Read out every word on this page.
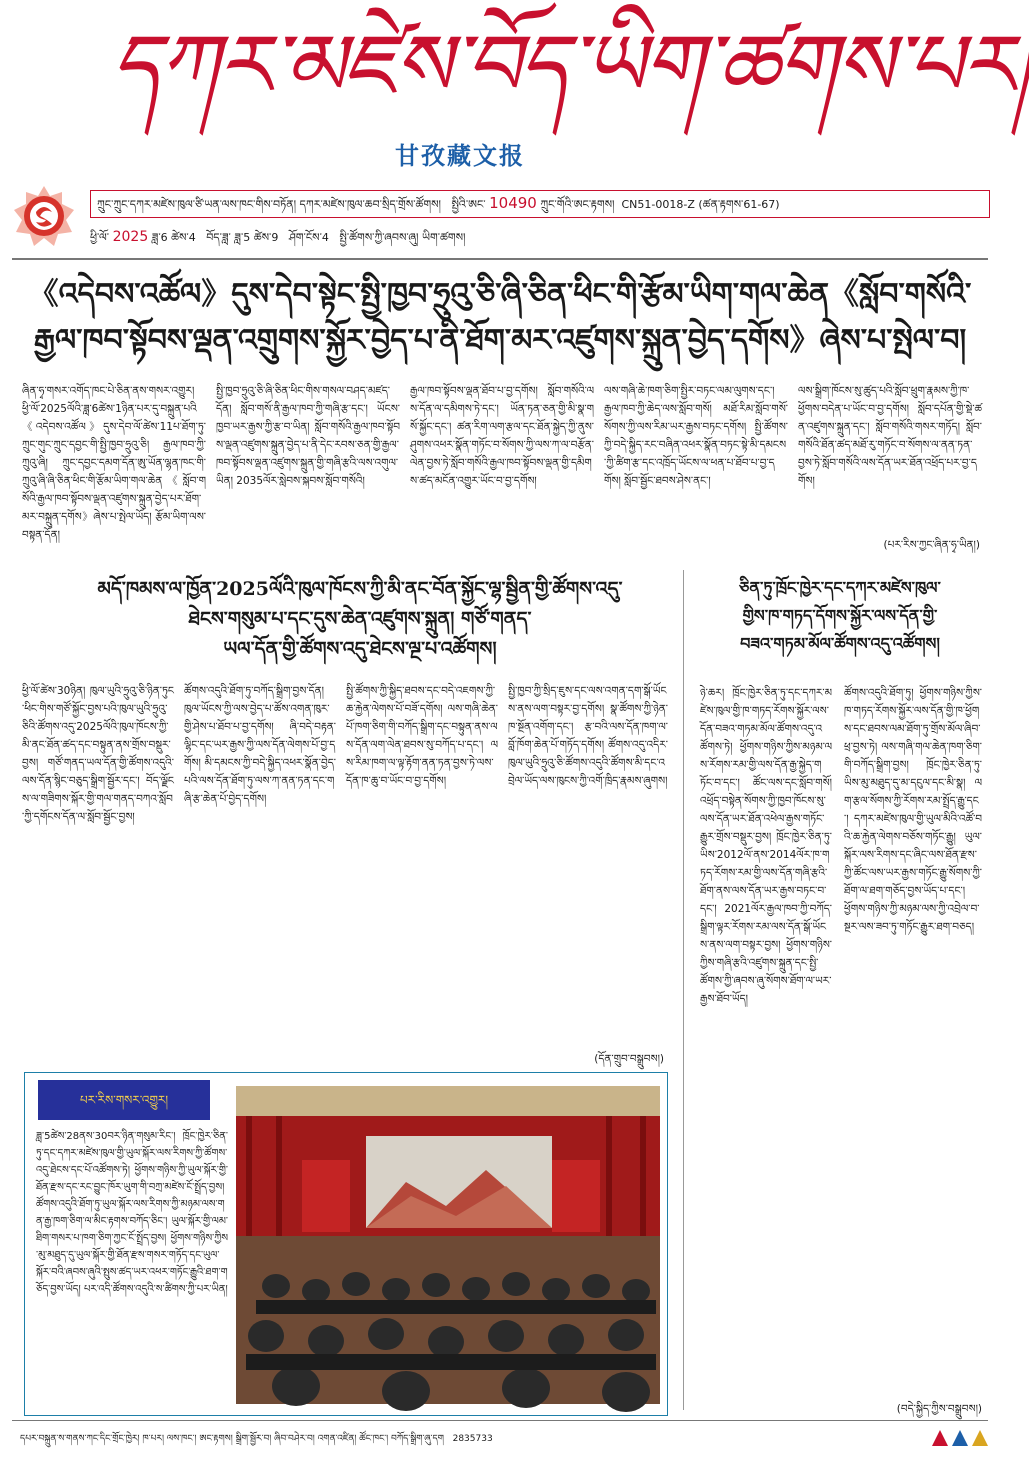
དཀར་མཛེས་བོད་ཡིག་ཚགས་པར།
甘孜藏文报
ཀྲུང་ཀྲུང་དཀར་མཛེས་ཁུལ་ཙི་ཡན་ལས་ཁང་གིས་བཏོན། དཀར་མཛེས་ཁུལ་ཆབ་སྲིད་གྲོས་ཚོགས། སྤྱིའི་ཨང་ 10490 ཀྲུང་གོའི་ཨང་རྟགས། CN51-0018-Z (ཚན་རྟགས་61-67)
ཕྱི་ལོ་ 2025 ཟླ་6 ཚེས་4 བོད་ཟླ་ ཟླ་5 ཚེས་9 ཤོག་ངོས་4 སྤྱི་ཚོགས་ཀྱི་ཞབས་ཞུ། ཡིག་ཚགས།
《འདེབས་འཚོལ》དུས་དེབ་སྟེང་སྤྱི་ཁྱབ་ཧྲུའུ་ཅི་ཞི་ཅིན་ཕིང་གི་རྩོམ་ཡིག་གལ་ཆེན《སློབ་གསོའི་རྒྱལ་ཁབ་སྟོབས་ལྡན་འགྲུགས་སྐྱོར་བྱེད་པ་ནི་ཐོག་མར་འཛུགས་སྐྲུན་བྱེད་དགོས》ཞེས་པ་སྤེལ་བ།
ཞིན་ཧྭ་གསར་འགོད་ཁང་པེ་ཅིན་ནས་གསར་འགྱུར། ཕྱི་ལོ་2025ལོའི་ཟླ་6ཚེས་1ཉིན་པར་དུ་བསྐྲུན་པའི《འདེབས་འཚོལ》དུས་དེབ་ལོ་ཚེས་11པ་ཐོག་ཏུ་ཀྲུང་གུང་ཀྲུང་དབྱང་གི་སྤྱི་ཁྱབ་ཧྲུའུ་ཅི། རྒྱལ་ཁབ་ཀྱི་ཀྲུའུ་ཞི། ཀྲུང་དབྱང་དམག་དོན་ཨུ་ཡོན་ལྷན་ཁང་གི་ཀྲུའུ་ཞི་ཞི་ཅིན་ཕིང་གི་རྩོམ་ཡིག་གལ་ཆེན《སློབ་གསོའི་རྒྱལ་ཁབ་སྟོབས་ལྡན་འཛུགས་སྐྲུན་བྱེད་པར་ཐོག་མར་བསྐྲུན་དགོས》ཞེས་པ་སྤེལ་ཡོད། རྩོམ་ཡིག་ལས་བསྟན་དོན།
སྤྱི་ཁྱབ་ཧྲུའུ་ཅི་ཞི་ཅིན་ཕིང་གིས་གསལ་བཤད་མཛད་དོན། སློབ་གསོ་ནི་རྒྱལ་ཁབ་ཀྱི་གཞི་རྩ་དང་། ཡོངས་ཁྱབ་ཡར་རྒྱས་ཀྱི་རྩ་བ་ཡིན། སློབ་གསོའི་རྒྱལ་ཁབ་སྟོབས་ལྡན་འཛུགས་སྐྲུན་བྱེད་པ་ནི་དེང་རབས་ཅན་གྱི་རྒྱལ་ཁབ་སྟོབས་ལྡན་འཛུགས་སྐྲུན་གྱི་གཞི་རྩའི་ལས་འགུལ་ཡིན། 2035ལོར་སླེབས་སྐབས་སློབ་གསོའི།
རྒྱལ་ཁབ་སྟོབས་ལྡན་ཐོབ་པ་བྱ་དགོས། སློབ་གསོའི་ལས་དོན་ལ་དམིགས་ཏེ་དང་། ཡོན་ཏན་ཅན་གྱི་མི་སྣ་གསོ་སྐྱོང་དང་། ཚན་རིག་ལག་རྩལ་དང་ཐོན་སྐྱེད་ཀྱི་ནུས་ཤུགས་འཕར་སྣོན་གཏོང་བ་སོགས་ཀྱི་ལས་ཀ་ལ་བརྩོན་ལེན་བྱས་ཏེ་སློབ་གསོའི་རྒྱལ་ཁབ་སྟོབས་ལྡན་གྱི་དམིགས་ཚད་མངོན་འགྱུར་ཡོང་བ་བྱ་དགོས།
ལས་གཞི་ཆེ་ཁག་ཅིག་སྤྱིར་བཏང་ལམ་ལུགས་དང་། རྒྱལ་ཁབ་ཀྱི་ཆེད་ལས་སློབ་གསོ། མཐོ་རིམ་སློབ་གསོ་སོགས་ཀྱི་ལས་རིམ་ཡར་རྒྱས་བཏང་དགོས། སྤྱི་ཚོགས་ཀྱི་བདེ་སྐྱིད་རང་བཞིན་འཕར་སྣོན་བཏང་སྟེ་མི་དམངས་ཀྱི་ཚིག་རྩ་དང་འཁྲོད་ཡོངས་ལ་ཕན་པ་ཐོབ་པ་བྱ་དགོས། སློབ་སྦྱོང་ཐབས་ཤེས་ནང་།
ལས་སྒྲིག་ཁོངས་སུ་ཚུད་པའི་སློབ་ཕྲུག་རྣམས་ཀྱི་ཁ་ཕྱོགས་བདེན་པ་ཡོང་བ་བྱ་དགོས། སློབ་དཔོན་གྱི་སྡེ་ཚན་འཛུགས་སྐྲུན་དང་། སློབ་གསོའི་གསར་གཏོད། སློབ་གསོའི་ཐོན་ཚད་མཐོ་རུ་གཏོང་བ་སོགས་ལ་ནན་ཏན་བྱས་ཏེ་སློབ་གསོའི་ལས་དོན་ཡར་ཐོན་འཕྲོད་པར་བྱ་དགོས།
(པར་རིས་ཀྱང་ཞིན་ཧྭ་ཡིན།)
མདོ་ཁམས་ལ་ཁྱོན་2025ལོའི་ཁུལ་ཁོངས་ཀྱི་མི་ནང་བོན་སྐྱོང་ལྷ་སྦྱིན་གྱི་ཚོགས་འདུ་
ཐེངས་གསུམ་པ་དང་དུས་ཆེན་འཛུགས་སྐྲུན། གཙོ་གནད་
ཡལ་དོན་གྱི་ཚོགས་འདུ་ཐེངས་ལྔ་པ་འཚོགས།
ཕྱི་ལོ་ཚེས་30ཉིན། ཁུལ་ཡུའི་ཧྲུའུ་ཅི་ཉིན་ཏུང་ཕིང་གིས་གཙོ་སྐྱོང་བྱས་པའི་ཁུལ་ཡུའི་ཧྲུའུ་ཅིའི་ཚོགས་འདུ་2025ལོའི་ཁུལ་ཁོངས་ཀྱི་མི་ནང་ཐོན་ཚད་དང་བསྟུན་ནས་གྲོས་བསྡུར་བྱས། གཙོ་གནད་ཡལ་དོན་གྱི་ཚོགས་འདུའི་ལས་དོན་སྙིང་བཅུད་སྒྲིག་སྦྱོར་དང་། བོད་ལྗོངས་ལ་གཟིགས་སྐོར་གྱི་གལ་གནད་བཀའ་སློབ་ཀྱི་དགོངས་དོན་ལ་སློབ་སྦྱོང་བྱས།
ཚོགས་འདུའི་ཐོག་ཏུ་བཀོད་སྒྲིག་བྱས་དོན། ཁུལ་ཡོངས་ཀྱི་ལས་བྱེད་པ་ཚོས་འགན་ཁུར་གྱི་ཤེས་པ་ཐོབ་པ་བྱ་དགོས། ཞི་བདེ་བརྟན་ལྷིང་དང་ཡར་རྒྱས་ཀྱི་ལས་དོན་ལེགས་པོ་བྱ་དགོས། མི་དམངས་ཀྱི་བདེ་སྐྱིད་འཕར་སྣོན་བྱེད་པའི་ལས་དོན་ཐོག་ཏུ་ལས་ཀ་ནན་ཏན་དང་གཞི་རྩ་ཆེན་པོ་བྱེད་དགོས།
སྤྱི་ཚོགས་ཀྱི་སྐྱིད་ཐབས་དང་བདེ་འཇགས་ཀྱི་ཆ་རྐྱེན་ལེགས་པོ་བཟོ་དགོས། ལས་གཞི་ཆེན་པོ་ཁག་ཅིག་གི་བཀོད་སྒྲིག་དང་བསྟུན་ནས་ལས་དོན་ལག་ལེན་ཐབས་སུ་བཀོད་པ་དང་། ལས་རིམ་ཁག་ལ་ལྟ་རྟོག་ནན་ཏན་བྱས་ཏེ་ལས་དོན་ཁ་ཆུ་བ་ཡོང་བ་བྱ་དགོས།
སྤྱི་ཁྱབ་ཀྱི་སྲིད་ཇུས་དང་ལས་འགན་དག་སྒོ་ཡོངས་ནས་ལག་བསྟར་བྱ་དགོས། སྣ་ཚོགས་ཀྱི་ཉེན་ཁ་སྔོན་འགོག་དང་། རྩ་བའི་ལས་དོན་ཁག་ལ་བློ་ཁོག་ཆེན་པོ་གཏོད་དགོས། ཚོགས་འདུ་འདིར་ཁུལ་ཡུའི་ཧྲུའུ་ཅི་ཚོགས་འདུའི་ཚོགས་མི་དང་འབྲེལ་ཡོད་ལས་ཁུངས་ཀྱི་འགོ་ཁྲིད་རྣམས་ཞུགས།
(དོན་གྲུབ་བསྒྲུབས།)
ཅིན་ཏུ་ཁྲོང་ཁྱེར་དང་དཀར་མཛེས་ཁུལ་
གྱིས་ཁ་གཏད་དོགས་སྐྱོར་ལས་དོན་གྱི་
བཟའ་གཏམ་མོལ་ཚོགས་འདུ་འཚོགས།
ཉེ་ཆར། ཁྲོང་ཁྱེར་ཅིན་ཏུ་དང་དཀར་མཛེས་ཁུལ་གྱི་ཁ་གཏད་རོགས་སྐྱོར་ལས་དོན་བཟའ་གཏམ་མོལ་ཚོགས་འདུ་འཚོགས་ཏེ། ཕྱོགས་གཉིས་ཀྱིས་མཉམ་ལས་རོགས་རམ་གྱི་ལས་དོན་རྒྱ་སྐྱེད་གཏོང་བ་དང་། ཚོང་ལས་དང་སློབ་གསོ། འཕྲོད་བསྟེན་སོགས་ཀྱི་ཁྱབ་ཁོངས་སུ་ལས་དོན་ཡར་ཐོན་འཕེལ་རྒྱས་གཏོང་རྒྱུར་གྲོས་བསྡུར་བྱས། ཁྲོང་ཁྱེར་ཅིན་ཏུ་ཡིས་2012ལོ་ནས་2014ལོར་ཁ་གཏད་རོགས་རམ་གྱི་ལས་དོན་གཞི་རྩའི་ཐོག་ནས་ལས་དོན་ཡར་རྒྱས་བཏང་བ་དང་། 2021ལོར་རྒྱལ་ཁབ་ཀྱི་བཀོད་སྒྲིག་ལྟར་རོགས་རམ་ལས་དོན་སྒོ་ཡོངས་ནས་ལག་བསྟར་བྱས། ཕྱོགས་གཉིས་ཀྱིས་གཞི་རྩའི་འཛུགས་སྐྲུན་དང་སྤྱི་ཚོགས་ཀྱི་ཞབས་ཞུ་སོགས་ཐོག་ལ་ཡར་རྒྱས་ཐོབ་ཡོད།
ཚོགས་འདུའི་ཐོག་ཏུ། ཕྱོགས་གཉིས་ཀྱིས་ཁ་གཏད་རོགས་སྐྱོར་ལས་དོན་གྱི་ཁ་ཕྱོགས་དང་ཐབས་ལམ་ཐོག་ཏུ་གྲོས་མོལ་ཞིབ་ཕྲ་བྱས་ཏེ། ལས་གཞི་གལ་ཆེན་ཁག་ཅིག་གི་བཀོད་སྒྲིག་བྱས། ཁྲོང་ཁྱེར་ཅིན་ཏུ་ཡིས་མུ་མཐུད་དུ་མ་དངུལ་དང་མི་སྣ། ལག་རྩལ་སོགས་ཀྱི་རོགས་རམ་སྤྲོད་རྒྱུ་དང་། དཀར་མཛེས་ཁུལ་གྱི་ཡུལ་མིའི་འཚོ་བའི་ཆ་རྐྱེན་ལེགས་བཅོས་གཏོང་རྒྱུ། ཡུལ་སྐོར་ལས་རིགས་དང་ཞིང་ལས་ཐོན་རྫས་ཀྱི་ཚོང་ལས་ཡར་རྒྱས་གཏོང་རྒྱུ་སོགས་ཀྱི་ཐོག་ལ་ཐག་གཅོད་བྱས་ཡོད་པ་དང་། ཕྱོགས་གཉིས་ཀྱི་མཉམ་ལས་ཀྱི་འབྲེལ་བ་སྔར་ལས་ཟབ་ཏུ་གཏོང་རྒྱུར་ཐག་བཅད།
(བདེ་སྐྱིད་ཀྱིས་བསྒྲུབས།)
པར་རིས་གསར་འགྱུར།
ཟླ་5ཚེས་28ནས་30བར་ཉིན་གསུམ་རིང་། ཁྲོང་ཁྱེར་ཅིན་ཏུ་དང་དཀར་མཛེས་ཁུལ་གྱི་ཡུལ་སྐོར་ལས་རིགས་ཀྱི་ཚོགས་འདུ་ཐེངས་དང་པོ་འཚོགས་ཏེ། ཕྱོགས་གཉིས་ཀྱི་ཡུལ་སྐོར་གྱི་ཐོན་རྫས་དང་རང་བྱུང་ཁོར་ཡུག་གི་བཀྲ་མཛེས་ངོ་སྤྲོད་བྱས། ཚོགས་འདུའི་ཐོག་ཏུ་ཡུལ་སྐོར་ལས་རིགས་ཀྱི་མཉམ་ལས་གན་རྒྱ་ཁག་ཅིག་ལ་མིང་རྟགས་བཀོད་ཅིང་། ཡུལ་སྐོར་གྱི་ལམ་ཐིག་གསར་པ་ཁག་ཅིག་ཀྱང་ངོ་སྤྲོད་བྱས། ཕྱོགས་གཉིས་ཀྱིས་མུ་མཐུད་དུ་ཡུལ་སྐོར་གྱི་ཐོན་རྫས་གསར་གཏོད་དང་ཡུལ་སྐོར་བའི་ཞབས་ཞུའི་སྤུས་ཚད་ཡར་འཕར་གཏོང་རྒྱུའི་ཐག་གཅོད་བྱས་ཡོད། པར་འདི་ཚོགས་འདུའི་ས་ཚིགས་ཀྱི་པར་ཡིན།
དཔར་བསྐྲུན་ས་གནས་ཀང་དིང་གྲོང་ཁྱེར། ཁ་པར། ལས་ཁང་། ཨང་རྟགས། སྒྲིག་སྦྱོར་བ། ཞིབ་བཤེར་བ། འགན་འཛིན། ཚོང་ཁང་། བཀོད་སྒྲིག་ཞུ་དག 2835733
